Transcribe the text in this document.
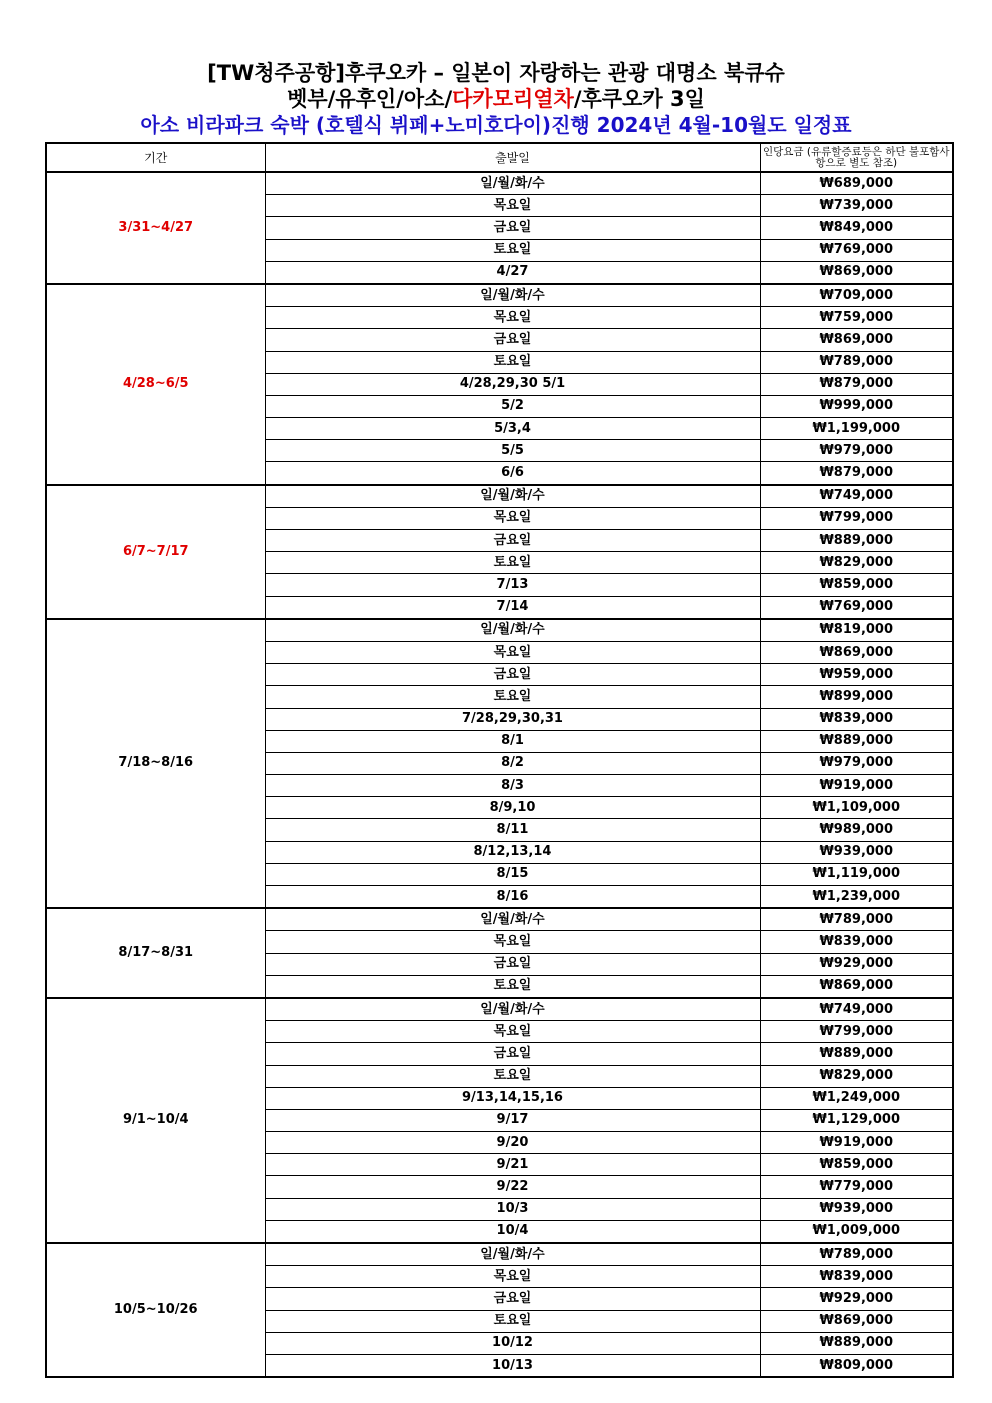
[TW청주공항]후쿠오카 – 일본이 자랑하는 관광 대명소 북큐슈
벳부/유후인/아소/다카모리열차/후쿠오카 3일
아소 비라파크 숙박 (호텔식 뷔페+노미호다이)진행 2024년 4월-10월도 일정표
기간	출발일	인당요금 (유류할증료등은 하단 불포함사항으로 별도 참조)
3/31~4/27	일/월/화/수	₩689,000
	목요일	₩739,000
	금요일	₩849,000
	토요일	₩769,000
	4/27	₩869,000
4/28~6/5	일/월/화/수	₩709,000
	목요일	₩759,000
	금요일	₩869,000
	토요일	₩789,000
	4/28,29,30 5/1	₩879,000
	5/2	₩999,000
	5/3,4	₩1,199,000
	5/5	₩979,000
	6/6	₩879,000
6/7~7/17	일/월/화/수	₩749,000
	목요일	₩799,000
	금요일	₩889,000
	토요일	₩829,000
	7/13	₩859,000
	7/14	₩769,000
7/18~8/16	일/월/화/수	₩819,000
	목요일	₩869,000
	금요일	₩959,000
	토요일	₩899,000
	7/28,29,30,31	₩839,000
	8/1	₩889,000
	8/2	₩979,000
	8/3	₩919,000
	8/9,10	₩1,109,000
	8/11	₩989,000
	8/12,13,14	₩939,000
	8/15	₩1,119,000
	8/16	₩1,239,000
8/17~8/31	일/월/화/수	₩789,000
	목요일	₩839,000
	금요일	₩929,000
	토요일	₩869,000
9/1~10/4	일/월/화/수	₩749,000
	목요일	₩799,000
	금요일	₩889,000
	토요일	₩829,000
	9/13,14,15,16	₩1,249,000
	9/17	₩1,129,000
	9/20	₩919,000
	9/21	₩859,000
	9/22	₩779,000
	10/3	₩939,000
	10/4	₩1,009,000
10/5~10/26	일/월/화/수	₩789,000
	목요일	₩839,000
	금요일	₩929,000
	토요일	₩869,000
	10/12	₩889,000
	10/13	₩809,000
